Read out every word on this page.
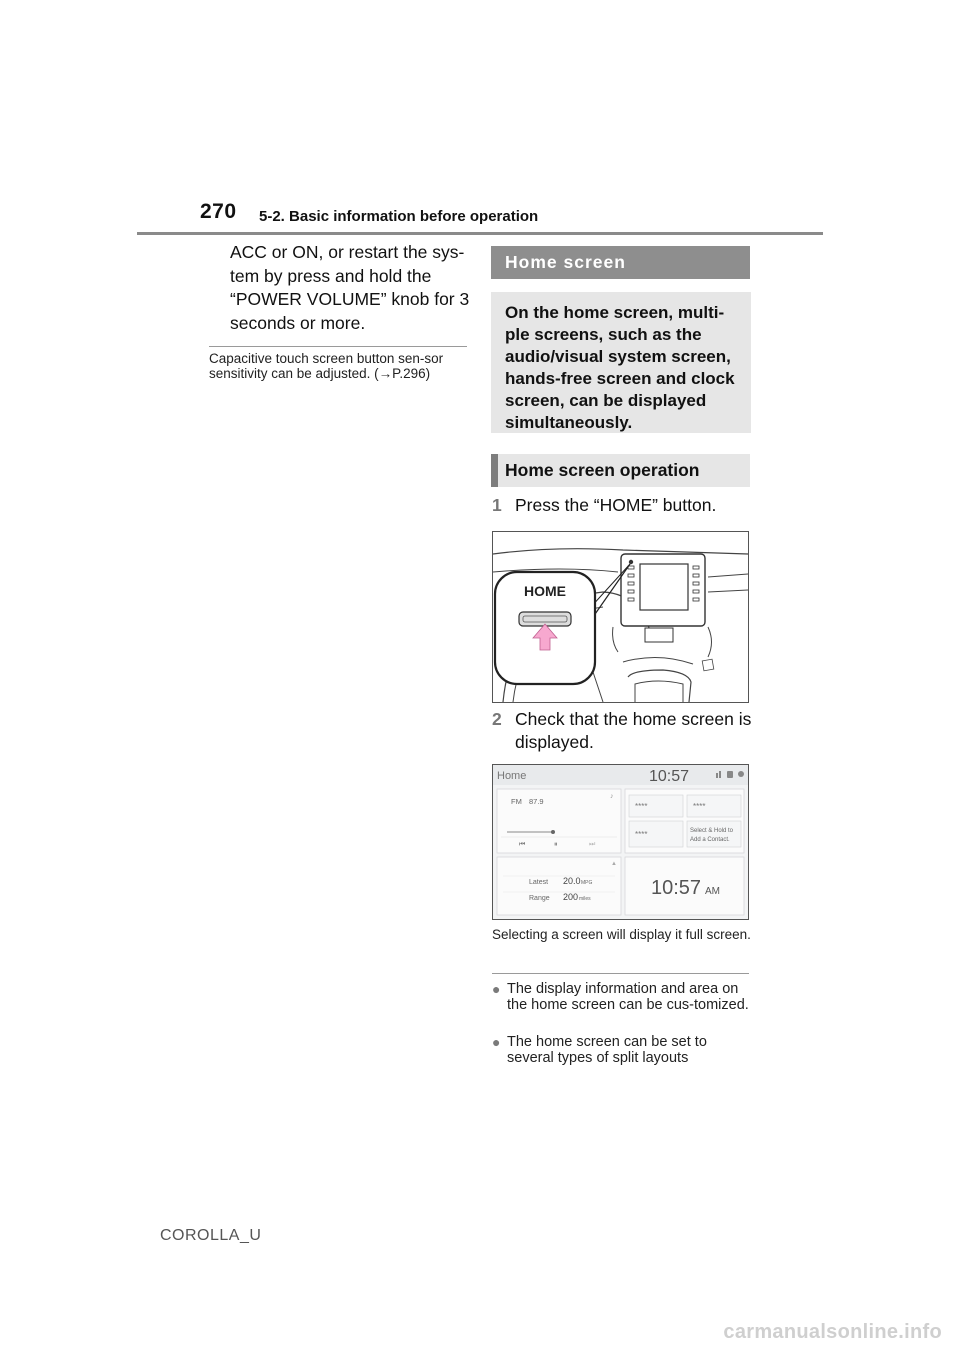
270 5-2. Basic information before operation
ACC or ON, or restart the sys-tem by press and hold the “POWER VOLUME” knob for 3 seconds or more.
Capacitive touch screen button sen-sor sensitivity can be adjusted. (→P.296)
Home screen
On the home screen, multi-ple screens, such as the audio/visual system screen, hands-free screen and clock screen, can be displayed simultaneously.
Home screen operation
1 Press the “HOME” button.
HOME
2 Check that the home screen is displayed.
Home	10:57
FM 87.9
♪
⏮	⏸	⏭
****	****
****	Select & Hold to
Add a Contact.
▲
Latest 20.0 MPG
Range 200 miles	10:57 AM
Selecting a screen will display it full screen.
● The display information and area on the home screen can be cus-tomized.
● The home screen can be set to several types of split layouts
COROLLA_U
carmanualsonline.info
